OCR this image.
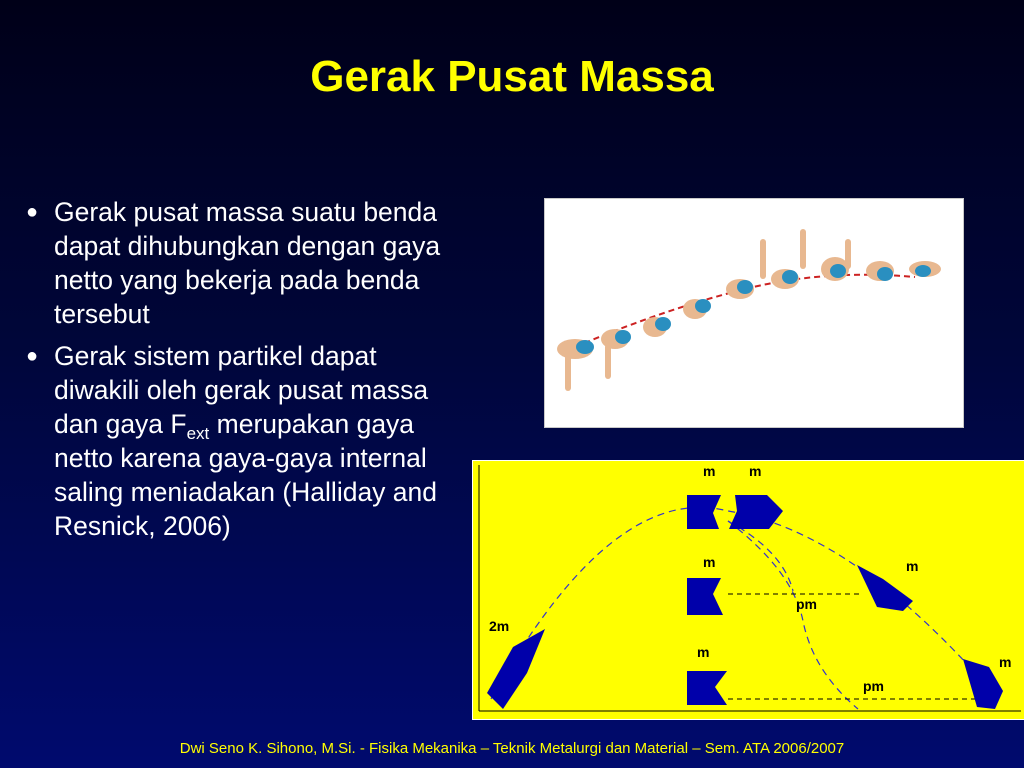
Gerak Pusat Massa
● Gerak pusat massa suatu benda dapat dihubungkan dengan gaya netto yang bekerja pada benda tersebut
● Gerak sistem partikel dapat diwakili oleh gerak pusat massa dan gaya $F_{ext}$ merupakan gaya netto karena gaya-gaya internal saling meniadakan (Halliday and Resnick, 2006)
m m
m	m
pm
2m
m
pm
m
Dwi Seno K. Sihono, M.Si. - Fisika Mekanika – Teknik Metalurgi dan Material – Sem. ATA 2006/2007
